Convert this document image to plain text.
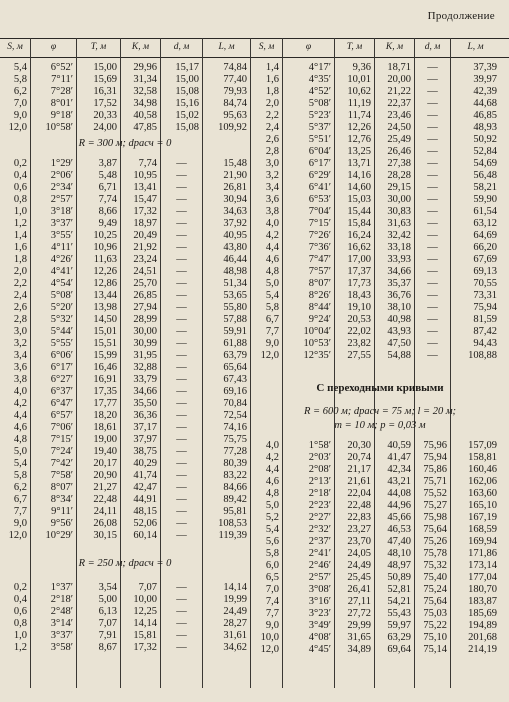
Продолжение
S, м	φ	T, м	K, м	d, м	L, м	S, м	φ	T, м	K, м	d, м	L, м
5,4	6°52′	15,00	29,96	15,17	74,84
5,8	7°11′	15,69	31,34	15,00	77,40
6,2	7°28′	16,31	32,58	15,08	79,93
7,0	8°01′	17,52	34,98	15,16	84,74
9,0	9°18′	20,33	40,58	15,02	95,63
12,0	10°58′	24,00	47,85	15,08	109,92
R = 300 м; dрасч = 0
0,2	1°29′	3,87	7,74	—	15,48
0,4	2°06′	5,48	10,95	—	21,90
0,6	2°34′	6,71	13,41	—	26,81
0,8	2°57′	7,74	15,47	—	30,94
1,0	3°18′	8,66	17,32	—	34,63
1,2	3°37′	9,49	18,97	—	37,92
1,4	3°55′	10,25	20,49	—	40,95
1,6	4°11′	10,96	21,92	—	43,80
1,8	4°26′	11,63	23,24	—	46,44
2,0	4°41′	12,26	24,51	—	48,98
2,2	4°54′	12,86	25,70	—	51,34
2,4	5°08′	13,44	26,85	—	53,65
2,6	5°20′	13,98	27,94	—	55,80
2,8	5°32′	14,50	28,99	—	57,88
3,0	5°44′	15,01	30,00	—	59,91
3,2	5°55′	15,51	30,99	—	61,88
3,4	6°06′	15,99	31,95	—	63,79
3,6	6°17′	16,46	32,88	—	65,64
3,8	6°27′	16,91	33,79	—	67,43
4,0	6°37′	17,35	34,66	—	69,16
4,2	6°47′	17,77	35,50	—	70,84
4,4	6°57′	18,20	36,36	—	72,54
4,6	7°06′	18,61	37,17	—	74,16
4,8	7°15′	19,00	37,97	—	75,75
5,0	7°24′	19,40	38,75	—	77,28
5,4	7°42′	20,17	40,29	—	80,39
5,8	7°58′	20,90	41,74	—	83,22
6,2	8°07′	21,27	42,47	—	84,66
6,7	8°34′	22,48	44,91	—	89,42
7,7	9°11′	24,11	48,15	—	95,81
9,0	9°56′	26,08	52,06	—	108,53
12,0	10°29′	30,15	60,14	—	119,39
R = 250 м; dрасч = 0
0,2	1°37′	3,54	7,07	—	14,14
0,4	2°18′	5,00	10,00	—	19,99
0,6	2°48′	6,13	12,25	—	24,49
0,8	3°14′	7,07	14,14	—	28,27
1,0	3°37′	7,91	15,81	—	31,61
1,2	3°58′	8,67	17,32	—	34,62
1,4	4°17′	9,36	18,71	—	37,39
1,6	4°35′	10,01	20,00	—	39,97
1,8	4°52′	10,62	21,22	—	42,39
2,0	5°08′	11,19	22,37	—	44,68
2,2	5°23′	11,74	23,46	—	46,85
2,4	5°37′	12,26	24,50	—	48,93
2,6	5°51′	12,76	25,49	—	50,92
2,8	6°04′	13,25	26,46	—	52,84
3,0	6°17′	13,71	27,38	—	54,69
3,2	6°29′	14,16	28,28	—	56,48
3,4	6°41′	14,60	29,15	—	58,21
3,6	6°53′	15,03	30,00	—	59,90
3,8	7°04′	15,44	30,83	—	61,54
4,0	7°15′	15,84	31,63	—	63,12
4,2	7°26′	16,24	32,42	—	64,69
4,4	7°36′	16,62	33,18	—	66,20
4,6	7°47′	17,00	33,93	—	67,69
4,8	7°57′	17,37	34,66	—	69,13
5,0	8°07′	17,73	35,37	—	70,55
5,4	8°26′	18,43	36,76	—	73,31
5,8	8°44′	19,10	38,10	—	75,94
6,7	9°24′	20,53	40,98	—	81,59
7,7	10°04′	22,02	43,93	—	87,42
9,0	10°53′	23,82	47,50	—	94,43
12,0	12°35′	27,55	54,88	—	108,88
С переходными кривыми
R = 600 м; dрасч = 75 м; l = 20 м;
m = 10 м; p = 0,03 м
4,0	1°58′	20,30	40,59	75,96	157,09
4,2	2°03′	20,74	41,47	75,94	158,81
4,4	2°08′	21,17	42,34	75,86	160,46
4,6	2°13′	21,61	43,21	75,71	162,06
4,8	2°18′	22,04	44,08	75,52	163,60
5,0	2°23′	22,48	44,96	75,27	165,10
5,2	2°27′	22,83	45,66	75,98	167,19
5,4	2°32′	23,27	46,53	75,64	168,59
5,6	2°37′	23,70	47,40	75,26	169,94
5,8	2°41′	24,05	48,10	75,78	171,86
6,0	2°46′	24,49	48,97	75,32	173,14
6,5	2°57′	25,45	50,89	75,40	177,04
7,0	3°08′	26,41	52,81	75,24	180,70
7,4	3°16′	27,11	54,21	75,64	183,87
7,7	3°23′	27,72	55,43	75,03	185,69
9,0	3°49′	29,99	59,97	75,22	194,89
10,0	4°08′	31,65	63,29	75,10	201,68
12,0	4°45′	34,89	69,64	75,14	214,19
